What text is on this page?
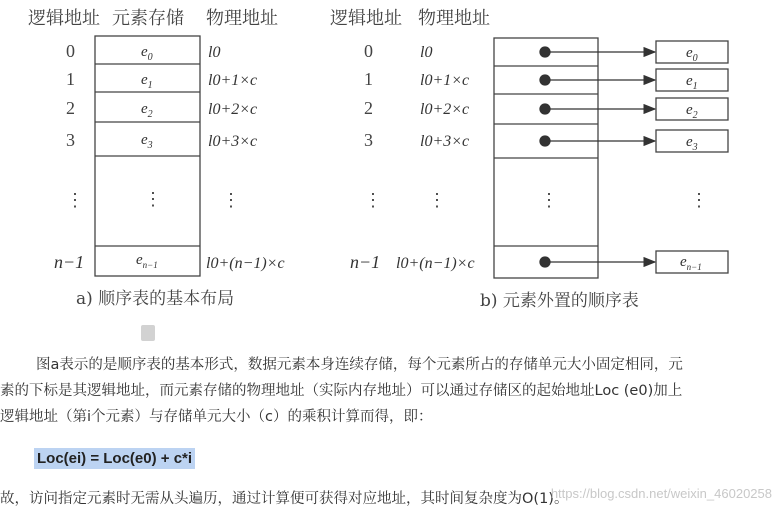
逻辑地址 元素存储 物理地址
0
1
2
3
⋮
n−1
$e_0$
$e_1$
$e_2$
$e_3$
⋮
$e_{n-1}$
l0
l0+1×c
l0+2×c
l0+3×c
⋮
l0+(n−1)×c
a) 顺序表的基本布局
逻辑地址 物理地址
0
1
2
3
⋮
n−1
l0
l0+1×c
l0+2×c
l0+3×c
⋮
l0+(n−1)×c
⋮
$e_0$
$e_1$
$e_2$
$e_3$
⋮
$e_{n-1}$
b) 元素外置的顺序表
图a表示的是顺序表的基本形式，数据元素本身连续存储，每个元素所占的存储单元大小固定相同，元
素的下标是其逻辑地址，而元素存储的物理地址（实际内存地址）可以通过存储区的起始地址Loc (e0)加上
逻辑地址（第i个元素）与存储单元大小（c）的乘积计算而得，即：
Loc(ei) = Loc(e0) + c*i
故，访问指定元素时无需从头遍历，通过计算便可获得对应地址，其时间复杂度为O(1)。
https://blog.csdn.net/weixin_46020258
